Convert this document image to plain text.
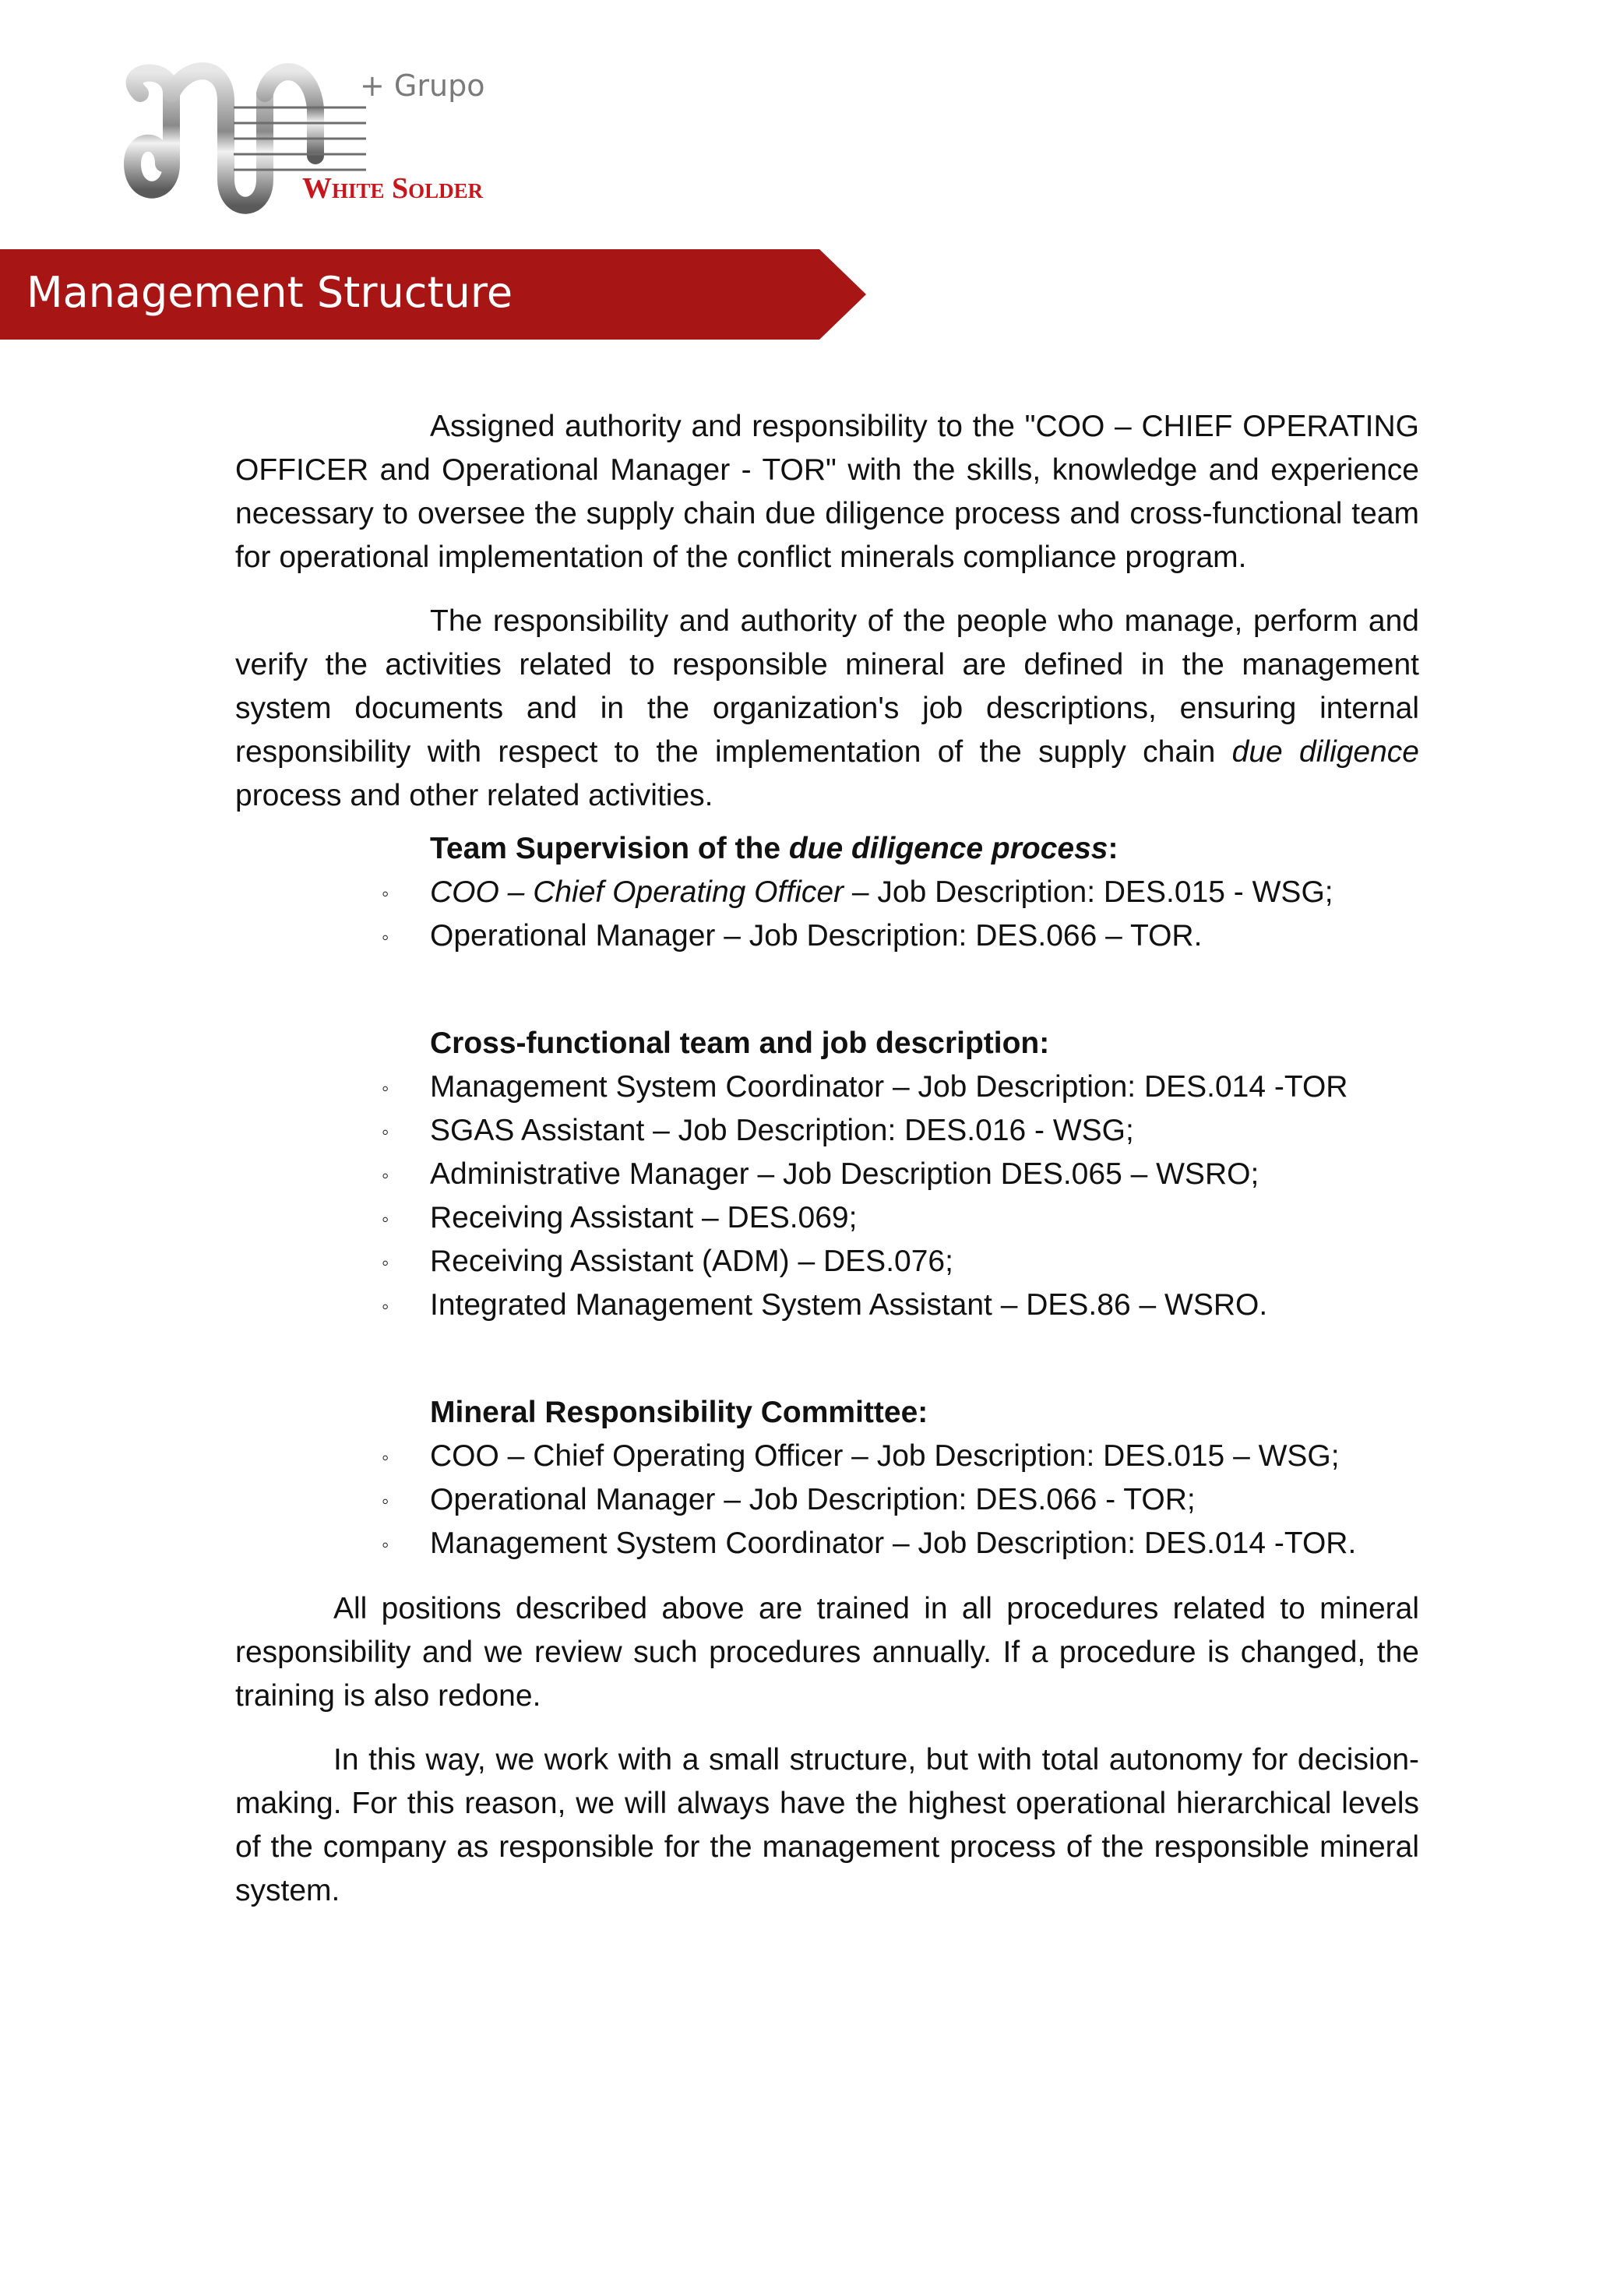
+ Grupo
White Solder
Management Structure

Assigned authority and responsibility to the "COO – CHIEF OPERATING OFFICER and Operational Manager - TOR" with the skills, knowledge and experience necessary to oversee the supply chain due diligence process and cross-functional team for operational implementation of the conflict minerals compliance program.

The responsibility and authority of the people who manage, perform and verify the activities related to responsible mineral are defined in the management system documents and in the organization's job descriptions, ensuring internal responsibility with respect to the implementation of the supply chain due diligence process and other related activities.

Team Supervision of the due diligence process:
◦ COO – Chief Operating Officer – Job Description: DES.015 - WSG;
◦ Operational Manager – Job Description: DES.066 – TOR.
Cross-functional team and job description:
◦ Management System Coordinator – Job Description: DES.014 -TOR
◦ SGAS Assistant – Job Description: DES.016 - WSG;
◦ Administrative Manager – Job Description DES.065 – WSRO;
◦ Receiving Assistant – DES.069;
◦ Receiving Assistant (ADM) – DES.076;
◦ Integrated Management System Assistant – DES.86 – WSRO.
Mineral Responsibility Committee:
◦ COO – Chief Operating Officer – Job Description: DES.015 – WSG;
◦ Operational Manager – Job Description: DES.066 - TOR;
◦ Management System Coordinator – Job Description: DES.014 -TOR.

All positions described above are trained in all procedures related to mineral responsibility and we review such procedures annually. If a procedure is changed, the training is also redone.

In this way, we work with a small structure, but with total autonomy for decision-making. For this reason, we will always have the highest operational hierarchical levels of the company as responsible for the management process of the responsible mineral system.
